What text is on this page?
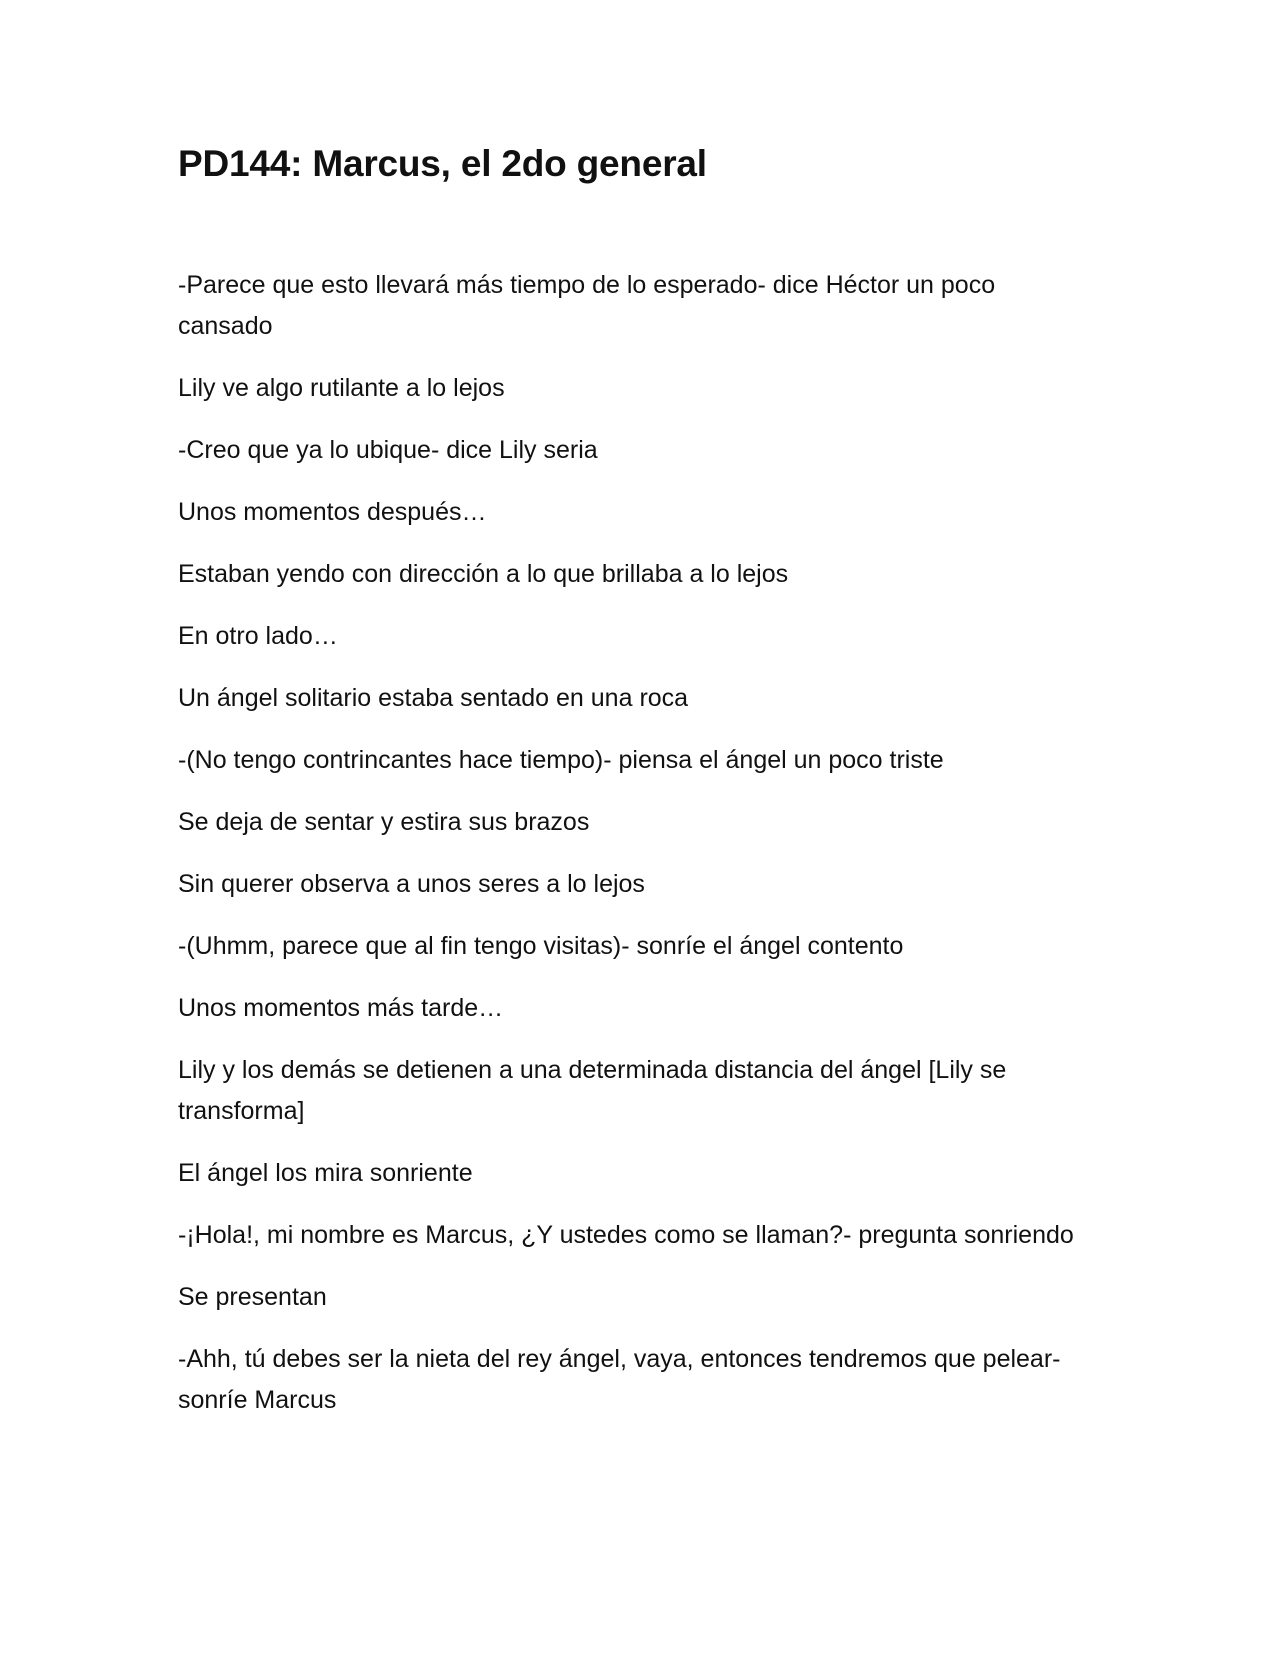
PD144: Marcus, el 2do general

-Parece que esto llevará más tiempo de lo esperado- dice Héctor un poco cansado

Lily ve algo rutilante a lo lejos

-Creo que ya lo ubique- dice Lily seria

Unos momentos después…

Estaban yendo con dirección a lo que brillaba a lo lejos

En otro lado…

Un ángel solitario estaba sentado en una roca

-(No tengo contrincantes hace tiempo)- piensa el ángel un poco triste

Se deja de sentar y estira sus brazos

Sin querer observa a unos seres a lo lejos

-(Uhmm, parece que al fin tengo visitas)- sonríe el ángel contento

Unos momentos más tarde…

Lily y los demás se detienen a una determinada distancia del ángel [Lily se transforma]

El ángel los mira sonriente

-¡Hola!, mi nombre es Marcus, ¿Y ustedes como se llaman?- pregunta sonriendo

Se presentan

-Ahh, tú debes ser la nieta del rey ángel, vaya, entonces tendremos que pelear- sonríe Marcus
